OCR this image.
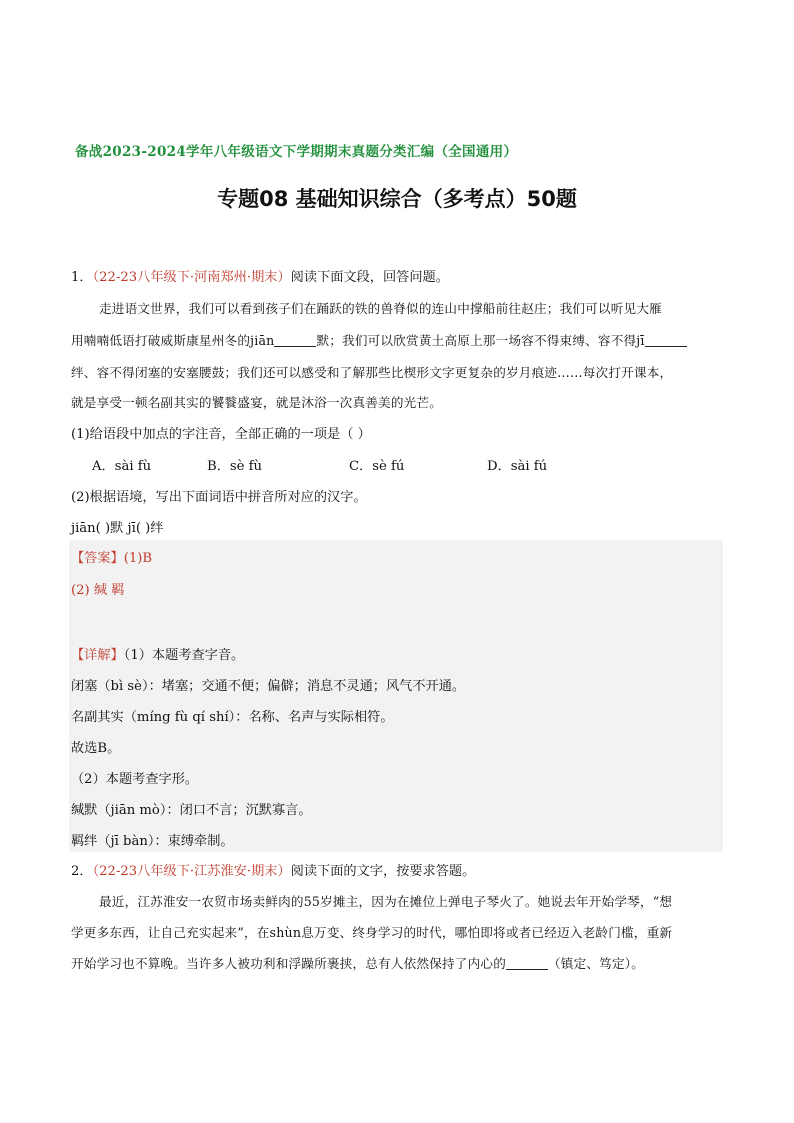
备战2023-2024学年八年级语文下学期期末真题分类汇编（全国通用）
专题08 基础知识综合（多考点）50题
1．（22-23八年级下·河南郑州·期末）阅读下面文段，回答问题。
走进语文世界，我们可以看到孩子们在踊跃的铁的兽脊似的连山中撑船前往赵庄；我们可以听见大雁
用喃喃低语打破威斯康星州冬的jiān	默；我们可以欣赏黄土高原上那一场容不得束缚、容不得jī
绊、容不得闭塞的安塞腰鼓；我们还可以感受和了解那些比楔形文字更复杂的岁月痕迹……每次打开课本，
就是享受一顿名副其实的饕餮盛宴，就是沐浴一次真善美的光芒。
(1)给语段中加点的字注音，全部正确的一项是（ ）
A．sài fù	B．sè fù	C．sè fú	D．sài fú
(2)根据语境，写出下面词语中拼音所对应的汉字。
jiān( )默 jī( )绊
【答案】(1)B
(2) 缄 羁
【详解】（1）本题考查字音。
闭塞（bì sè）：堵塞；交通不便；偏僻；消息不灵通；风气不开通。
名副其实（míng fù qí shí）：名称、名声与实际相符。
故选B。
（2）本题考查字形。
缄默（jiān mò）：闭口不言；沉默寡言。
羁绊（jī bàn）：束缚牵制。
2．（22-23八年级下·江苏淮安·期末）阅读下面的文字，按要求答题。
最近，江苏淮安一农贸市场卖鲜肉的55岁摊主，因为在摊位上弹电子琴火了。她说去年开始学琴，“想
学更多东西，让自己充实起来”，在shùn息万变、终身学习的时代，哪怕即将或者已经迈入老龄门槛，重新
开始学习也不算晚。当许多人被功利和浮躁所裹挟，总有人依然保持了内心的	（镇定、笃定）。
